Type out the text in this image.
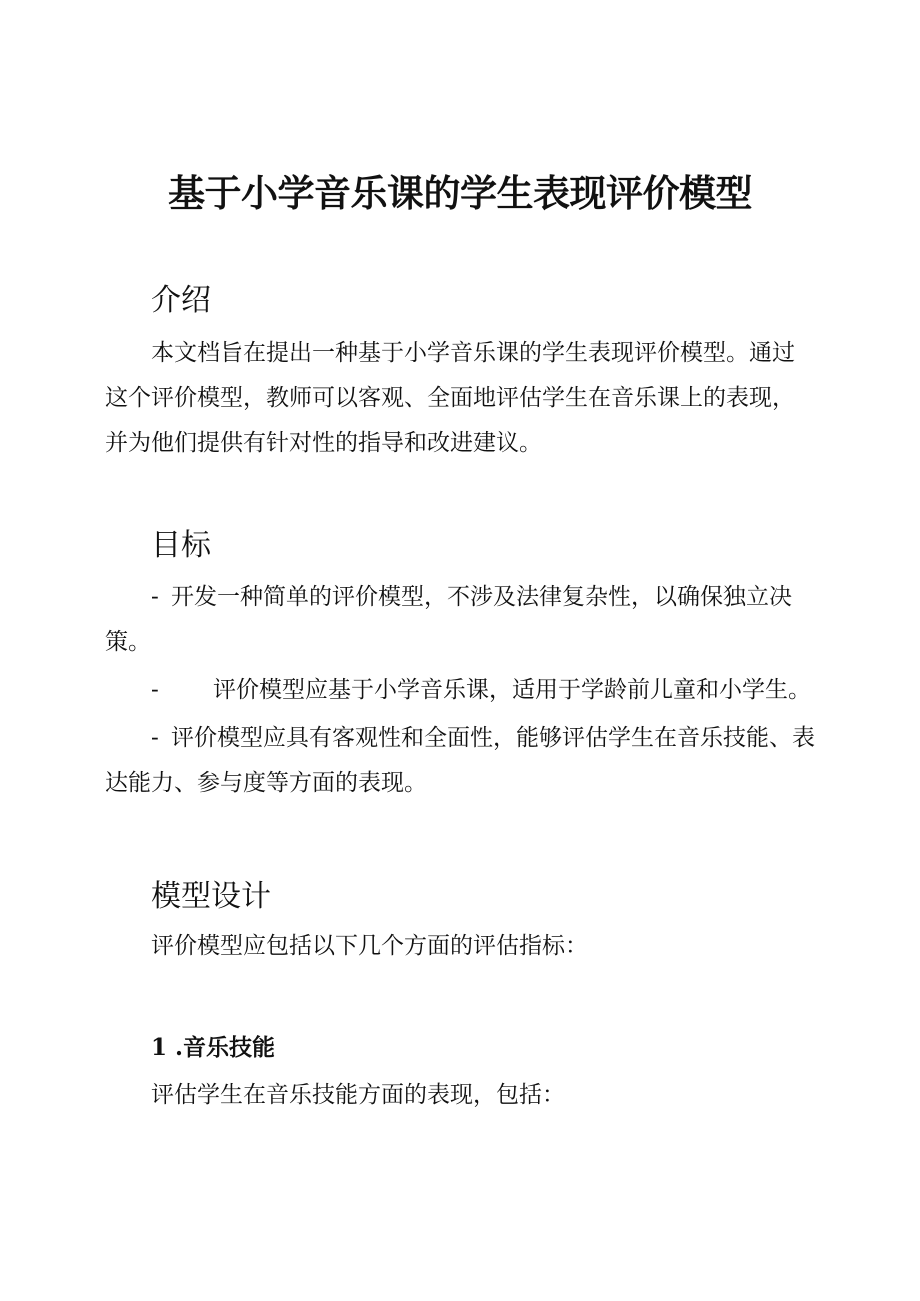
基于小学音乐课的学生表现评价模型
介绍

本文档旨在提出一种基于小学音乐课的学生表现评价模型。通过这个评价模型，教师可以客观、全面地评估学生在音乐课上的表现，并为他们提供有针对性的指导和改进建议。

目标

- 开发一种简单的评价模型，不涉及法律复杂性，以确保独立决策。

- 评价模型应基于小学音乐课，适用于学龄前儿童和小学生。

- 评价模型应具有客观性和全面性，能够评估学生在音乐技能、表达能力、参与度等方面的表现。

模型设计

评价模型应包括以下几个方面的评估指标：

1 .音乐技能

评估学生在音乐技能方面的表现，包括：
